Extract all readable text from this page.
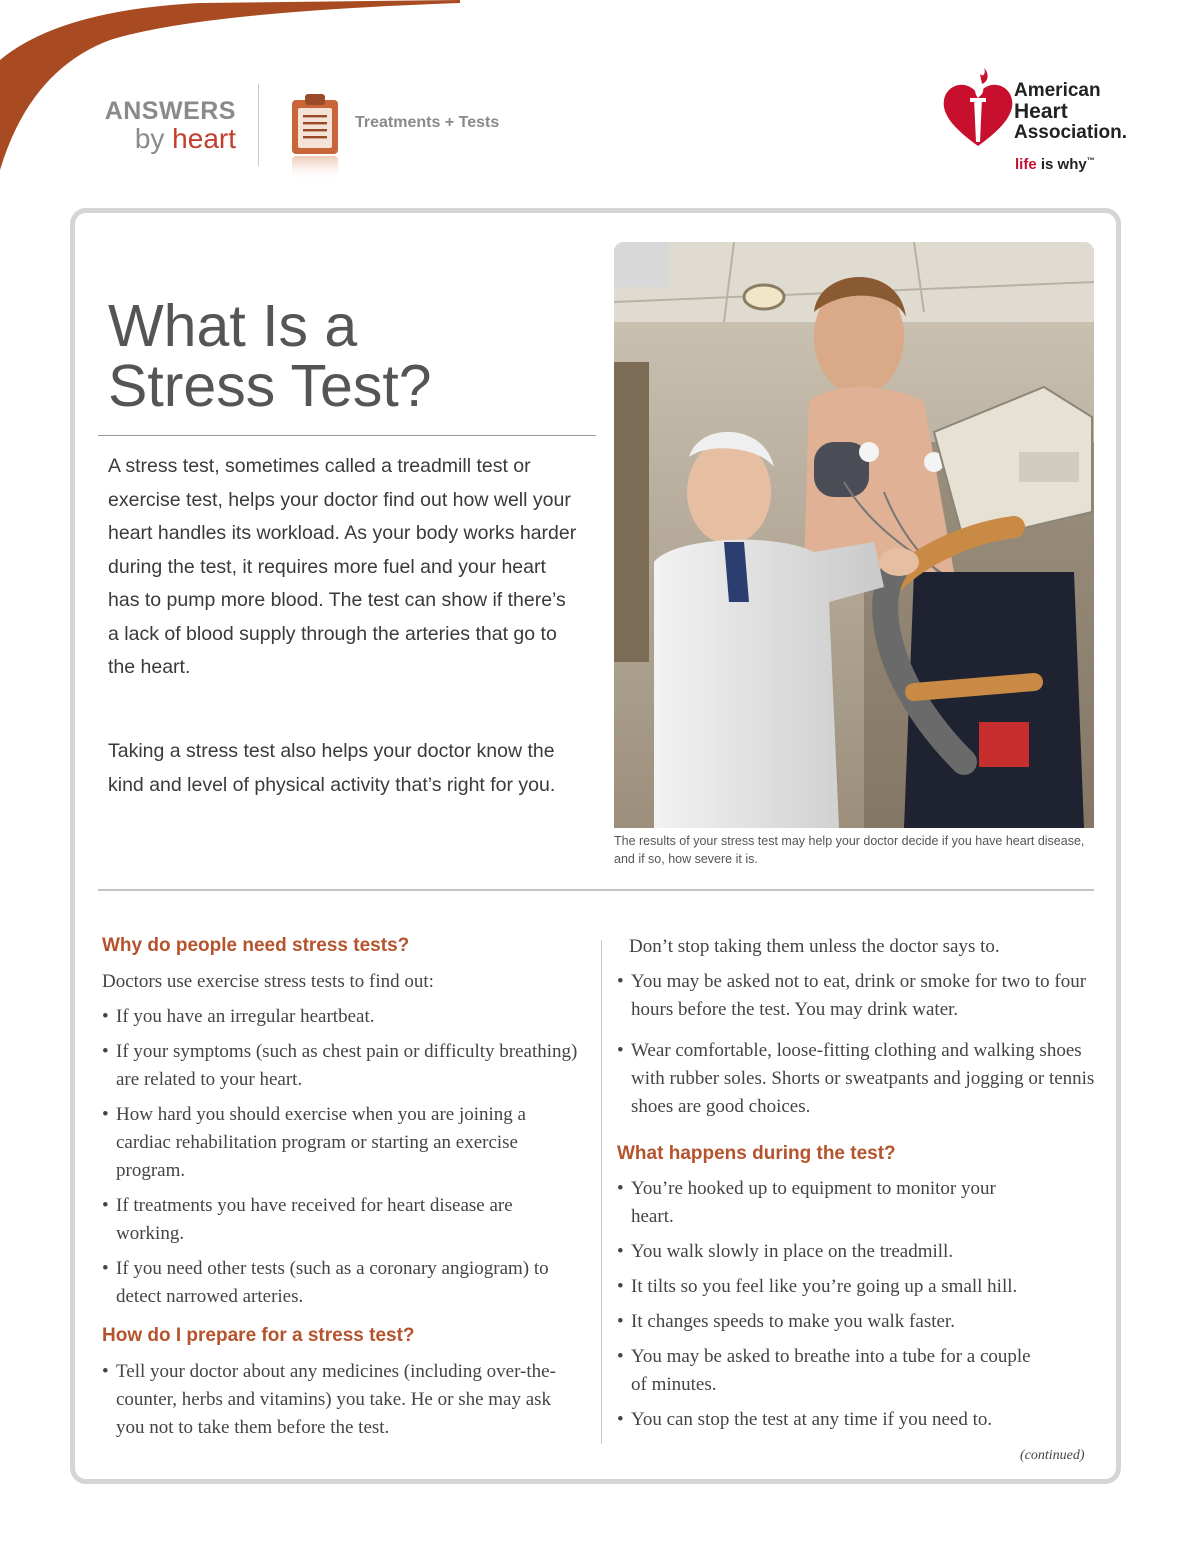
ANSWERS
by heart
Treatments + Tests
American
Heart
Association.
life is why™
What Is a
Stress Test?

A stress test, sometimes called a treadmill test or exercise test, helps your doctor find out how well your heart handles its workload. As your body works harder during the test, it requires more fuel and your heart has to pump more blood. The test can show if there’s a lack of blood supply through the arteries that go to the heart.

Taking a stress test also helps your doctor know the kind and level of physical activity that’s right for you.

The results of your stress test may help your doctor decide if you have heart disease, and if so, how severe it is.

Why do people need stress tests?

Doctors use exercise stress tests to find out:

• If you have an irregular heartbeat.

• If your symptoms (such as chest pain or difficulty breathing) are related to your heart.

• How hard you should exercise when you are joining a cardiac rehabilitation program or starting an exercise program.

• If treatments you have received for heart disease are working.

• If you need other tests (such as a coronary angiogram) to detect narrowed arteries.

How do I prepare for a stress test?

• Tell your doctor about any medicines (including over-the-counter, herbs and vitamins) you take. He or she may ask you not to take them before the test.

Don’t stop taking them unless the doctor says to.

• You may be asked not to eat, drink or smoke for two to four hours before the test. You may drink water.

• Wear comfortable, loose-fitting clothing and walking shoes with rubber soles. Shorts or sweatpants and jogging or tennis shoes are good choices.

What happens during the test?

• You’re hooked up to equipment to monitor your heart.

• You walk slowly in place on the treadmill.

• It tilts so you feel like you’re going up a small hill.

• It changes speeds to make you walk faster.

• You may be asked to breathe into a tube for a couple of minutes.

• You can stop the test at any time if you need to.

(continued)
